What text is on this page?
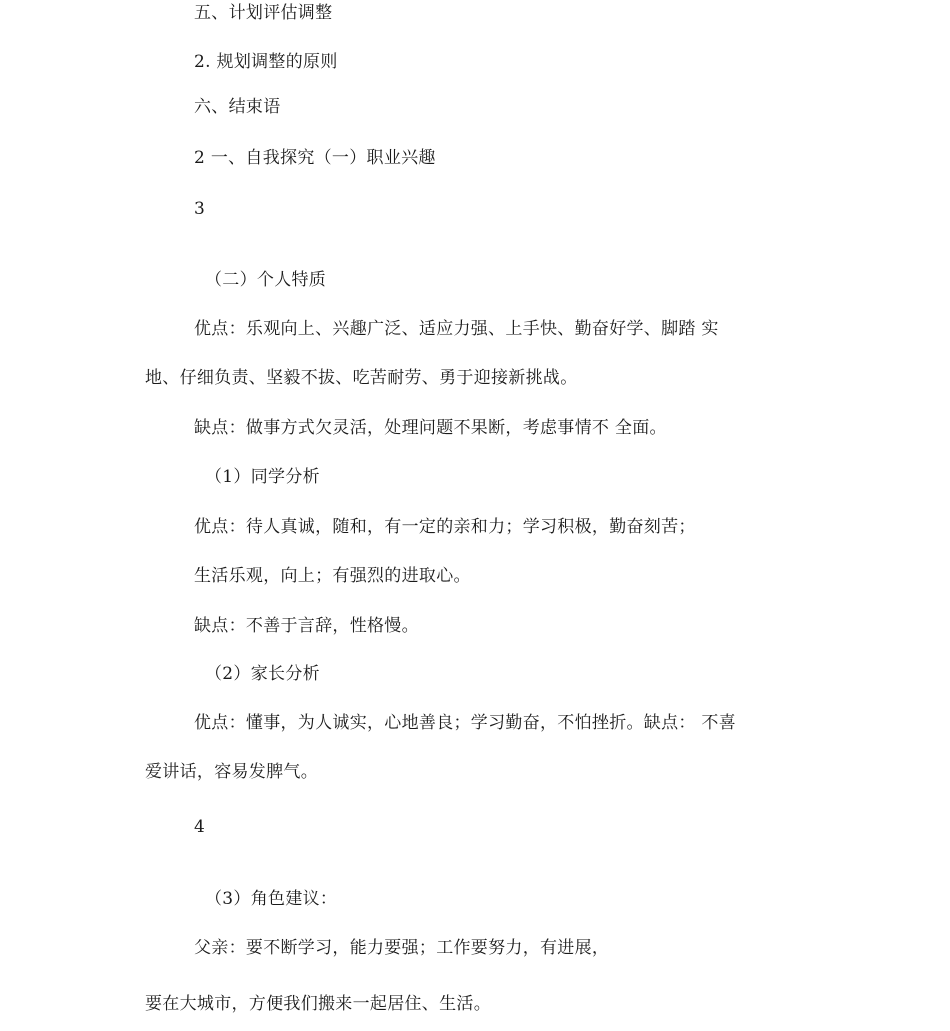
五、计划评估调整
2. 规划调整的原则
六、结束语
2 一、自我探究（一）职业兴趣
3
（二）个人特质
优点：乐观向上、兴趣广泛、适应力强、上手快、勤奋好学、脚踏 实
地、仔细负责、坚毅不拔、吃苦耐劳、勇于迎接新挑战。
缺点：做事方式欠灵活，处理问题不果断，考虑事情不 全面。
（1）同学分析
优点：待人真诚，随和，有一定的亲和力；学习积极，勤奋刻苦；
生活乐观，向上；有强烈的进取心。
缺点：不善于言辞，性格慢。
（2）家长分析
优点：懂事，为人诚实，心地善良；学习勤奋，不怕挫折。缺点： 不喜
爱讲话，容易发脾气。
4
（3）角色建议：
父亲：要不断学习，能力要强；工作要努力，有进展，
要在大城市，方便我们搬来一起居住、生活。
